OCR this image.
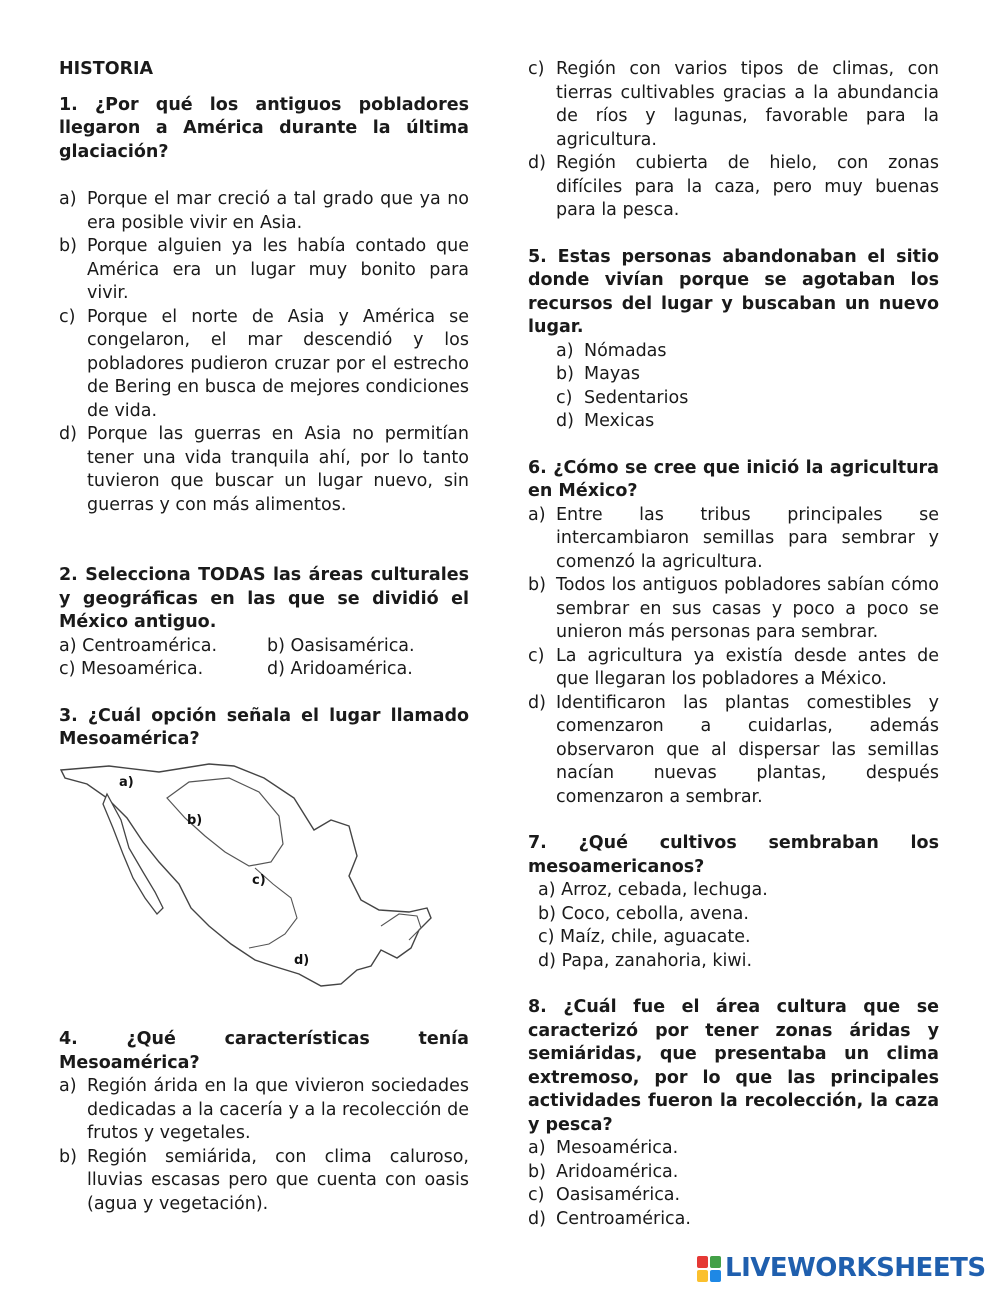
HISTORIA

1. ¿Por qué los antiguos pobladores llegaron a América durante la última glaciación?

a) Porque el mar creció a tal grado que ya no era posible vivir en Asia.
b) Porque alguien ya les había contado que América era un lugar muy bonito para vivir.
c) Porque el norte de Asia y América se congelaron, el mar descendió y los pobladores pudieron cruzar por el estrecho de Bering en busca de mejores condiciones de vida.
d) Porque las guerras en Asia no permitían tener una vida tranquila ahí, por lo tanto tuvieron que buscar un lugar nuevo, sin guerras y con más alimentos.

2. Selecciona TODAS las áreas culturales y geográficas en las que se dividió el México antiguo.

a) Centroamérica.	b) Oasisamérica.
c) Mesoamérica.	d) Aridoamérica.

3. ¿Cuál opción señala el lugar llamado Mesoamérica?

a)
b)
c)
d)

4. ¿Qué características tenía Mesoamérica?

a) Región árida en la que vivieron sociedades dedicadas a la cacería y a la recolección de frutos y vegetales.
b) Región semiárida, con clima caluroso, lluvias escasas pero que cuenta con oasis (agua y vegetación).
c) Región con varios tipos de climas, con tierras cultivables gracias a la abundancia de ríos y lagunas, favorable para la agricultura.
d) Región cubierta de hielo, con zonas difíciles para la caza, pero muy buenas para la pesca.

5. Estas personas abandonaban el sitio donde vivían porque se agotaban los recursos del lugar y buscaban un nuevo lugar.

a) Nómadas
b) Mayas
c) Sedentarios
d) Mexicas

6. ¿Cómo se cree que inició la agricultura en México?

a) Entre las tribus principales se intercambiaron semillas para sembrar y comenzó la agricultura.
b) Todos los antiguos pobladores sabían cómo sembrar en sus casas y poco a poco se unieron más personas para sembrar.
c) La agricultura ya existía desde antes de que llegaran los pobladores a México.
d) Identificaron las plantas comestibles y comenzaron a cuidarlas, además observaron que al dispersar las semillas nacían nuevas plantas, después comenzaron a sembrar.

7. ¿Qué cultivos sembraban los mesoamericanos?

a) Arroz, cebada, lechuga.
b) Coco, cebolla, avena.
c) Maíz, chile, aguacate.
d) Papa, zanahoria, kiwi.

8. ¿Cuál fue el área cultura que se caracterizó por tener zonas áridas y semiáridas, que presentaba un clima extremoso, por lo que las principales actividades fueron la recolección, la caza y pesca?

a) Mesoamérica.
b) Aridoamérica.
c) Oasisamérica.
d) Centroamérica.
LIVEWORKSHEETS
